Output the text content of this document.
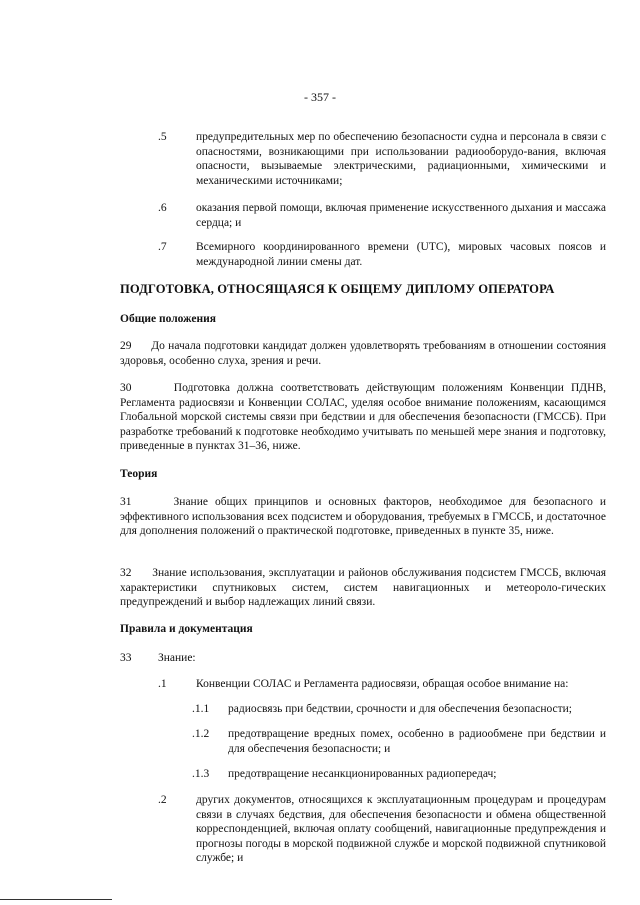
- 357 -
.5	предупредительных мер по обеспечению безопасности судна и персонала в связи с опасностями, возникающими при использовании радиооборудо-вания, включая опасности, вызываемые электрическими, радиационными, химическими и механическими источниками;
.6	оказания первой помощи, включая применение искусственного дыхания и массажа сердца; и
.7	Всемирного координированного времени (UTC), мировых часовых поясов и международной линии смены дат.
ПОДГОТОВКА, ОТНОСЯЩАЯСЯ К ОБЩЕМУ ДИПЛОМУ ОПЕРАТОРА
Общие положения
29      До начала подготовки кандидат должен удовлетворять требованиям в отношении состояния здоровья, особенно слуха, зрения и речи.
30      Подготовка должна соответствовать действующим положениям Конвенции ПДНВ, Регламента радиосвязи и Конвенции СОЛАС, уделяя особое внимание положениям, касающимся Глобальной морской системы связи при бедствии и для обеспечения безопасности (ГМССБ). При разработке требований к подготовке необходимо учитывать по меньшей мере знания и подготовку, приведенные в пунктах 31–36, ниже.
Теория
31      Знание общих принципов и основных факторов, необходимое для безопасного и эффективного использования всех подсистем и оборудования, требуемых в ГМССБ, и достаточное для дополнения положений о практической подготовке, приведенных в пункте 35, ниже.
32      Знание использования, эксплуатации и районов обслуживания подсистем ГМССБ, включая характеристики спутниковых систем, систем навигационных и метеороло-гических предупреждений и выбор надлежащих линий связи.
Правила и документация
33 Знание:
.1	Конвенции СОЛАС и Регламента радиосвязи, обращая особое внимание на:
.1.1 радиосвязь при бедствии, срочности и для обеспечения безопасности;
.1.2 предотвращение вредных помех, особенно в радиообмене при бедствии и для обеспечения безопасности; и
.1.3 предотвращение несанкционированных радиопередач;
.2	других документов, относящихся к эксплуатационным процедурам и процедурам связи в случаях бедствия, для обеспечения безопасности и обмена общественной корреспонденцией, включая оплату сообщений, навигационные предупреждения и прогнозы погоды в морской подвижной службе и морской подвижной спутниковой службе; и
